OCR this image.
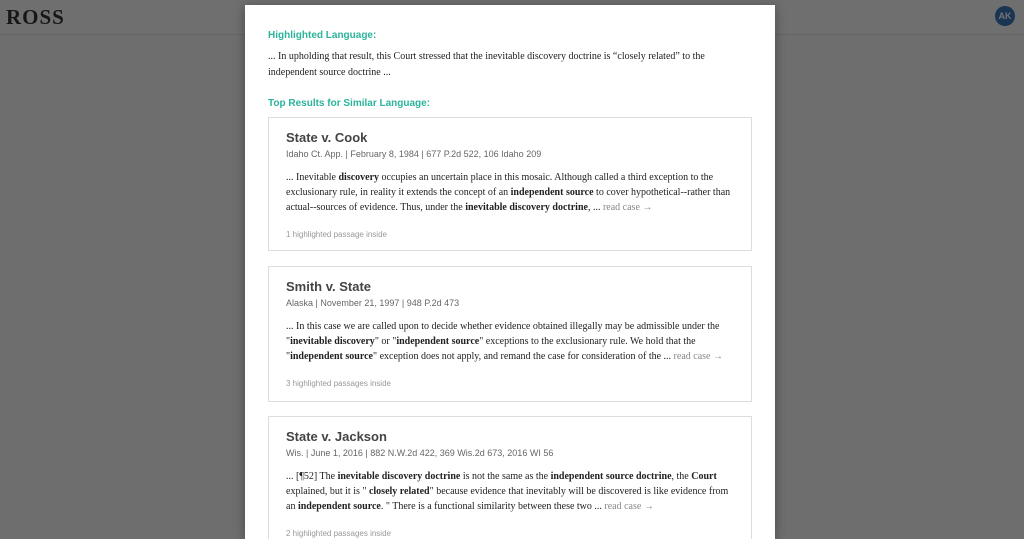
Highlighted Language:

... In upholding that result, this Court stressed that the inevitable discovery doctrine is “closely related” to the independent source doctrine ...

Top Results for Similar Language:

State v. Cook
Idaho Ct. App. | February 8, 1984 | 677 P.2d 522, 106 Idaho 209

... Inevitable discovery occupies an uncertain place in this mosaic. Although called a third exception to the exclusionary rule, in reality it extends the concept of an independent source to cover hypothetical--rather than actual--sources of evidence. Thus, under the inevitable discovery doctrine, ... read case →

1 highlighted passage inside
Smith v. State
Alaska | November 21, 1997 | 948 P.2d 473

... In this case we are called upon to decide whether evidence obtained illegally may be admissible under the "inevitable discovery" or "independent source" exceptions to the exclusionary rule. We hold that the "independent source" exception does not apply, and remand the case for consideration of the ... read case →

3 highlighted passages inside
State v. Jackson
Wis. | June 1, 2016 | 882 N.W.2d 422, 369 Wis.2d 673, 2016 WI 56

... [¶52] The inevitable discovery doctrine is not the same as the independent source doctrine, the Court explained, but it is " closely related" because evidence that inevitably will be discovered is like evidence from an independent source. " There is a functional similarity between these two ... read case →

2 highlighted passages inside
